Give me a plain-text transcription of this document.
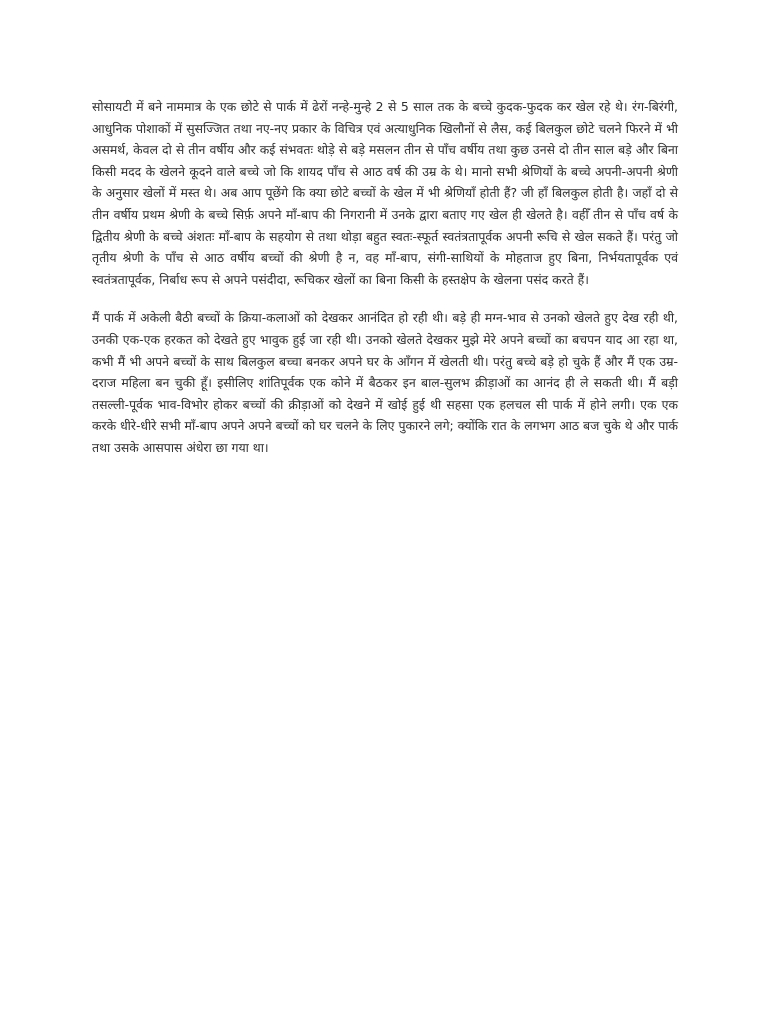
सोसायटी में बने नाममात्र के एक छोटे से पार्क में ढेरों नन्हे-मुन्हे 2 से 5 साल तक के बच्चे कुदक-फुदक कर खेल रहे थे। रंग-बिरंगी, आधुनिक पोशाकों में सुसज्जित तथा नए-नए प्रकार के विचित्र एवं अत्याधुनिक खिलौनों से लैस, कई बिलकुल छोटे चलने फिरने में भी असमर्थ, केवल दो से तीन वर्षीय और कई संभवतः थोड़े से बड़े मसलन तीन से पाँच वर्षीय तथा कुछ उनसे दो तीन साल बड़े और बिना किसी मदद के खेलने कूदने वाले बच्चे जो कि शायद पाँच से आठ वर्ष की उम्र के थे। मानो सभी श्रेणियों के बच्चे अपनी-अपनी श्रेणी के अनुसार खेलों में मस्त थे। अब आप पूछेंगे कि क्या छोटे बच्चों के खेल में भी श्रेणियाँ होती हैं? जी हाँ बिलकुल होती है। जहाँ दो से तीन वर्षीय प्रथम श्रेणी के बच्चे सिर्फ़ अपने माँ-बाप की निगरानी में उनके द्वारा बताए गए खेल ही खेलते है। वहीँ तीन से पाँच वर्ष के द्वितीय श्रेणी के बच्चे अंशतः माँ-बाप के सहयोग से तथा थोड़ा बहुत स्वतः-स्फूर्त स्वतंत्रतापूर्वक अपनी रूचि से खेल सकते हैं। परंतु जो तृतीय श्रेणी के पाँच से आठ वर्षीय बच्चों की श्रेणी है न, वह माँ-बाप, संगी-साथियों के मोहताज हुए बिना, निर्भयतापूर्वक एवं स्वतंत्रतापूर्वक, निर्बाध रूप से अपने पसंदीदा, रूचिकर खेलों का बिना किसी के हस्तक्षेप के खेलना पसंद करते हैं।

मैं पार्क में अकेली बैठी बच्चों के क्रिया-कलाओं को देखकर आनंदित हो रही थी। बड़े ही मग्न-भाव से उनको खेलते हुए देख रही थी, उनकी एक-एक हरकत को देखते हुए भावुक हुई जा रही थी। उनको खेलते देखकर मुझे मेरे अपने बच्चों का बचपन याद आ रहा था, कभी मैं भी अपने बच्चों के साथ बिलकुल बच्चा बनकर अपने घर के आँगन में खेलती थी। परंतु बच्चे बड़े हो चुके हैं और मैं एक उम्र-दराज महिला बन चुकी हूँ। इसीलिए शांतिपूर्वक एक कोने में बैठकर इन बाल-सुलभ क्रीड़ाओं का आनंद ही ले सकती थी। मैं बड़ी तसल्ली-पूर्वक भाव-विभोर होकर बच्चों की क्रीड़ाओं को देखने में खोई हुई थी सहसा एक हलचल सी पार्क में होने लगी। एक एक करके धीरे-धीरे सभी माँ-बाप अपने अपने बच्चों को घर चलने के लिए पुकारने लगे; क्योंकि रात के लगभग आठ बज चुके थे और पार्क तथा उसके आसपास अंधेरा छा गया था।
